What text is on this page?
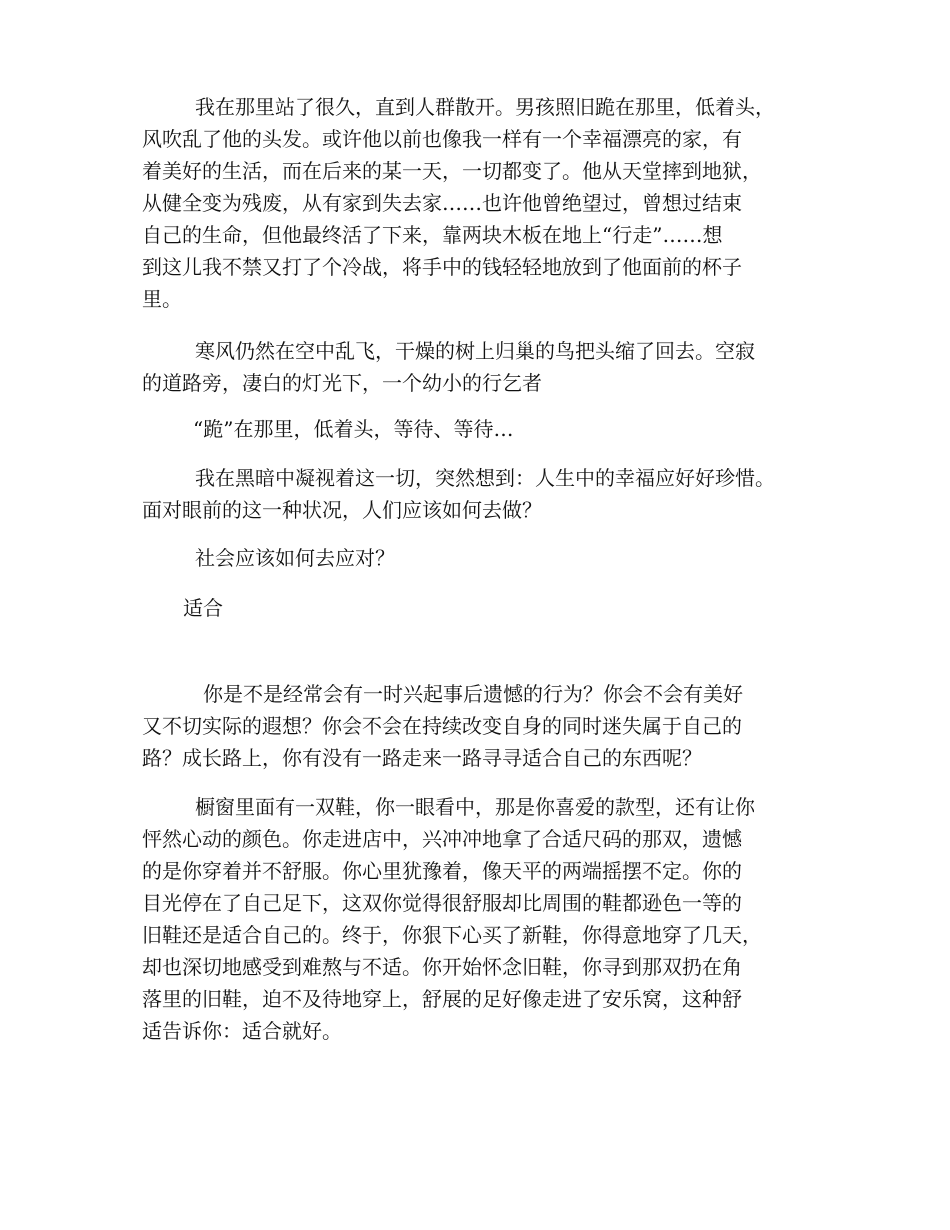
我在那里站了很久，直到人群散开。男孩照旧跪在那里，低着头，

风吹乱了他的头发。或许他以前也像我一样有一个幸福漂亮的家，有

着美好的生活，而在后来的某一天，一切都变了。他从天堂摔到地狱，

从健全变为残废，从有家到失去家……也许他曾绝望过，曾想过结束

自己的生命，但他最终活了下来，靠两块木板在地上“行走”……想

到这儿我不禁又打了个冷战，将手中的钱轻轻地放到了他面前的杯子

里。

寒风仍然在空中乱飞，干燥的树上归巢的鸟把头缩了回去。空寂

的道路旁，凄白的灯光下，一个幼小的行乞者

“跪”在那里，低着头，等待、等待…

我在黑暗中凝视着这一切，突然想到：人生中的幸福应好好珍惜。

面对眼前的这一种状况，人们应该如何去做？

社会应该如何去应对？

适合

你是不是经常会有一时兴起事后遗憾的行为？你会不会有美好

又不切实际的遐想？你会不会在持续改变自身的同时迷失属于自己的

路？成长路上，你有没有一路走来一路寻寻适合自己的东西呢？

橱窗里面有一双鞋，你一眼看中，那是你喜爱的款型，还有让你

怦然心动的颜色。你走进店中，兴冲冲地拿了合适尺码的那双，遗憾

的是你穿着并不舒服。你心里犹豫着，像天平的两端摇摆不定。你的

目光停在了自己足下，这双你觉得很舒服却比周围的鞋都逊色一等的

旧鞋还是适合自己的。终于，你狠下心买了新鞋，你得意地穿了几天，

却也深切地感受到难熬与不适。你开始怀念旧鞋，你寻到那双扔在角

落里的旧鞋，迫不及待地穿上，舒展的足好像走进了安乐窝，这种舒

适告诉你：适合就好。
